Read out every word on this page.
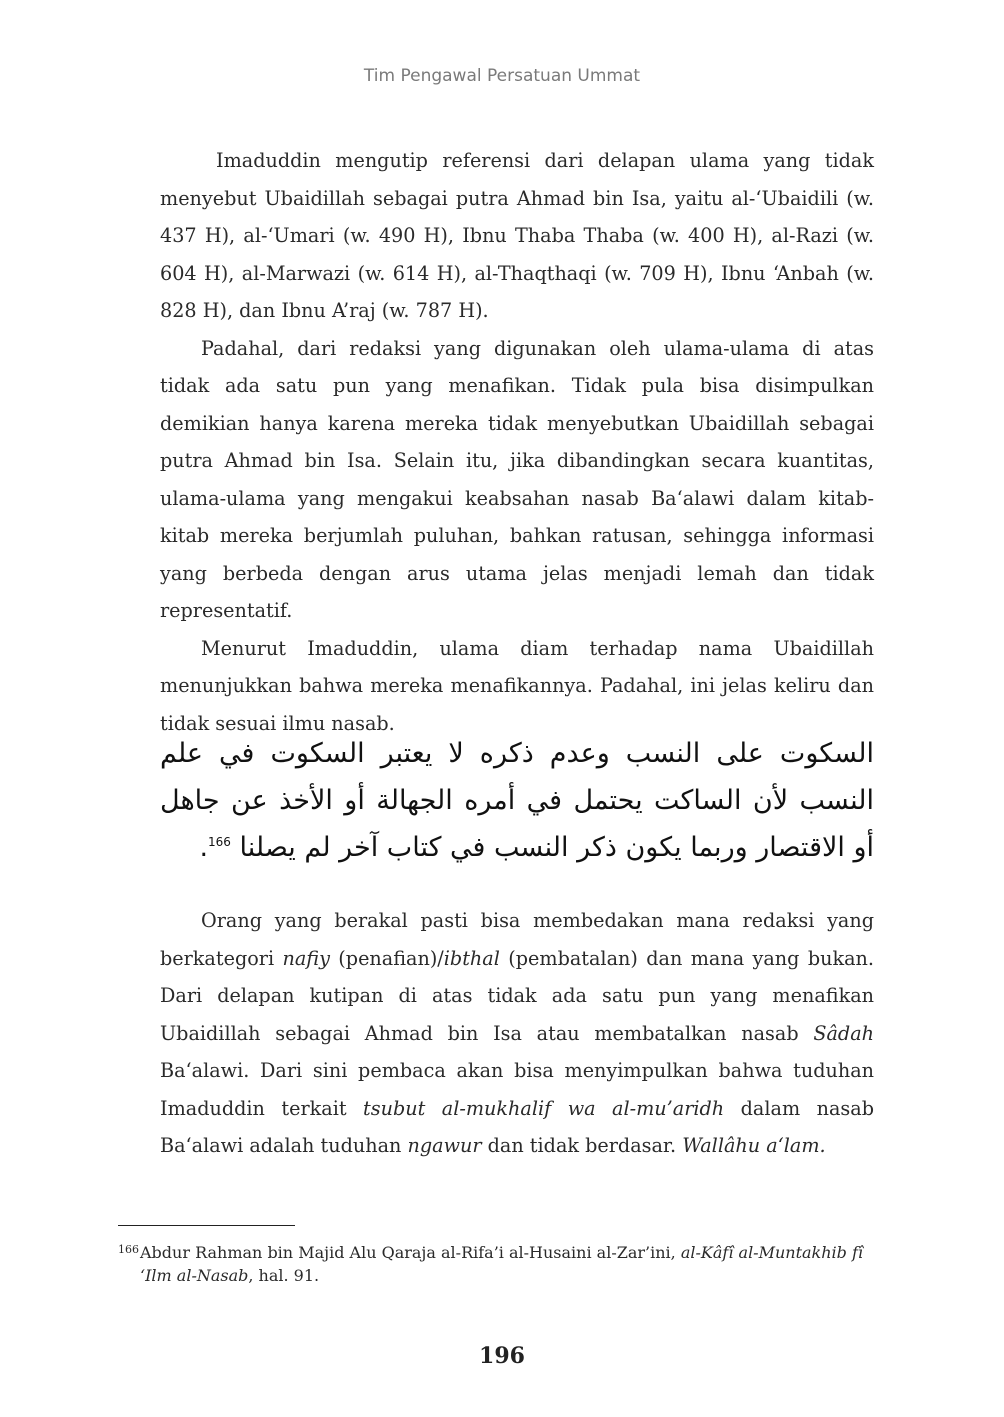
Tim Pengawal Persatuan Ummat

Imaduddin mengutip referensi dari delapan ulama yang tidak menyebut Ubaidillah sebagai putra Ahmad bin Isa, yaitu al-‘Ubaidili (w. 437 H), al-‘Umari (w. 490 H), Ibnu Thaba Thaba (w. 400 H), al-Razi (w. 604 H), al-Marwazi (w. 614 H), al-Thaqthaqi (w. 709 H), Ibnu ‘Anbah (w. 828 H), dan Ibnu A’raj (w. 787 H).

Padahal, dari redaksi yang digunakan oleh ulama-ulama di atas tidak ada satu pun yang menafikan. Tidak pula bisa disimpulkan demikian hanya karena mereka tidak menyebutkan Ubaidillah sebagai putra Ahmad bin Isa. Selain itu, jika dibandingkan secara kuantitas, ulama-ulama yang mengakui keabsahan nasab Ba‘alawi dalam kitab-kitab mereka berjumlah puluhan, bahkan ratusan, sehingga informasi yang berbeda dengan arus utama jelas menjadi lemah dan tidak representatif.

Menurut Imaduddin, ulama diam terhadap nama Ubaidillah menunjukkan bahwa mereka menafikannya. Padahal, ini jelas keliru dan tidak sesuai ilmu nasab.

السكوت على النسب وعدم ذكره لا يعتبر السكوت في علم النسب لأن الساكت يحتمل في أمره الجهالة أو الأخذ عن جاهل أو الاقتصار وربما يكون ذكر النسب في كتاب آخر لم يصلنا $^{166}$.

Orang yang berakal pasti bisa membedakan mana redaksi yang berkategori nafiy (penafian)/ibthal (pembatalan) dan mana yang bukan. Dari delapan kutipan di atas tidak ada satu pun yang menafikan Ubaidillah sebagai Ahmad bin Isa atau membatalkan nasab Sâdah Ba‘alawi. Dari sini pembaca akan bisa menyimpulkan bahwa tuduhan Imaduddin terkait tsubut al-mukhalif wa al-mu’aridh dalam nasab Ba‘alawi adalah tuduhan ngawur dan tidak berdasar. Wallâhu a‘lam.

166Abdur Rahman bin Majid Alu Qaraja al-Rifa’i al-Husaini al-Zar’ini, al-Kâfî al-Muntakhib fî
‘Ilm al-Nasab, hal. 91.
196
